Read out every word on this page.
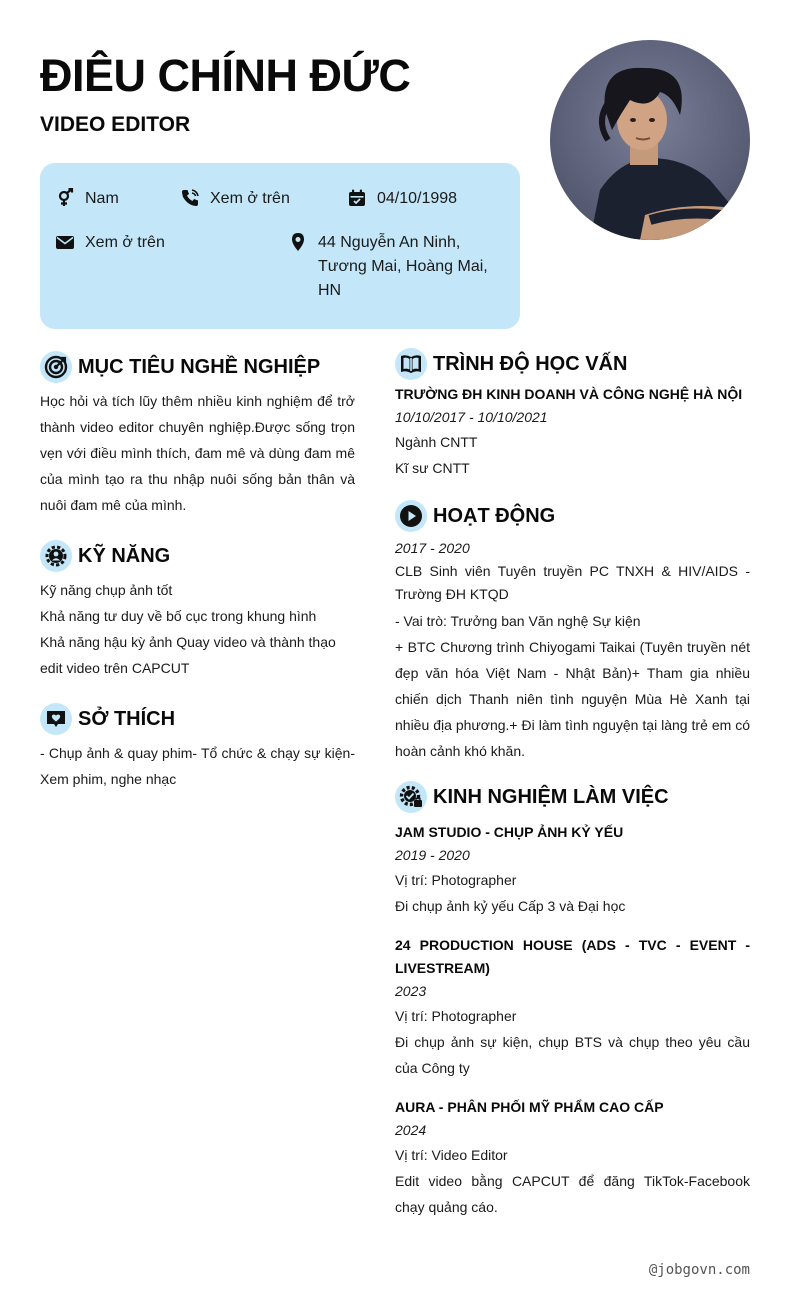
ĐIÊU CHÍNH ĐỨC
VIDEO EDITOR
Nam	Xem ở trên	04/10/1998
Xem ở trên	44 Nguyễn An Ninh,
Tương Mai, Hoàng Mai,
HN
MỤC TIÊU NGHỀ NGHIỆP
Học hỏi và tích lũy thêm nhiều kinh nghiệm để trở thành video editor chuyên nghiệp.Được sống trọn vẹn với điều mình thích, đam mê và dùng đam mê của mình tạo ra thu nhập nuôi sống bản thân và nuôi đam mê của mình.
KỸ NĂNG
Kỹ năng chụp ảnh tốt
Khả năng tư duy về bố cục trong khung hình
Khả năng hậu kỳ ảnh Quay video và thành thạo edit video trên CAPCUT
SỞ THÍCH
- Chụp ảnh & quay phim- Tổ chức & chạy sự kiện- Xem phim, nghe nhạc
TRÌNH ĐỘ HỌC VẤN
TRƯỜNG ĐH KINH DOANH VÀ CÔNG NGHỆ HÀ NỘI
10/10/2017 - 10/10/2021
Ngành CNTT
Kĩ sư CNTT
HOẠT ĐỘNG
2017 - 2020
CLB Sinh viên Tuyên truyền PC TNXH & HIV/AIDS - Trường ĐH KTQD
- Vai trò: Trưởng ban Văn nghệ Sự kiện
+ BTC Chương trình Chiyogami Taikai (Tuyên truyền nét đẹp văn hóa Việt Nam - Nhật Bản)+ Tham gia nhiều chiến dịch Thanh niên tình nguyện Mùa Hè Xanh tại nhiều địa phương.+ Đi làm tình nguyện tại làng trẻ em có hoàn cảnh khó khăn.
KINH NGHIỆM LÀM VIỆC
JAM STUDIO - CHỤP ẢNH KỶ YẾU
2019 - 2020
Vị trí: Photographer
Đi chụp ảnh kỷ yếu Cấp 3 và Đại học
24 PRODUCTION HOUSE (ADS - TVC - EVENT - LIVESTREAM)
2023
Vị trí: Photographer
Đi chụp ảnh sự kiện, chụp BTS và chụp theo yêu cầu của Công ty
AURA - PHÂN PHỐI MỸ PHẨM CAO CẤP
2024
Vị trí: Video Editor
Edit video bằng CAPCUT để đăng TikTok-Facebook chạy quảng cáo.
@jobgovn.com
